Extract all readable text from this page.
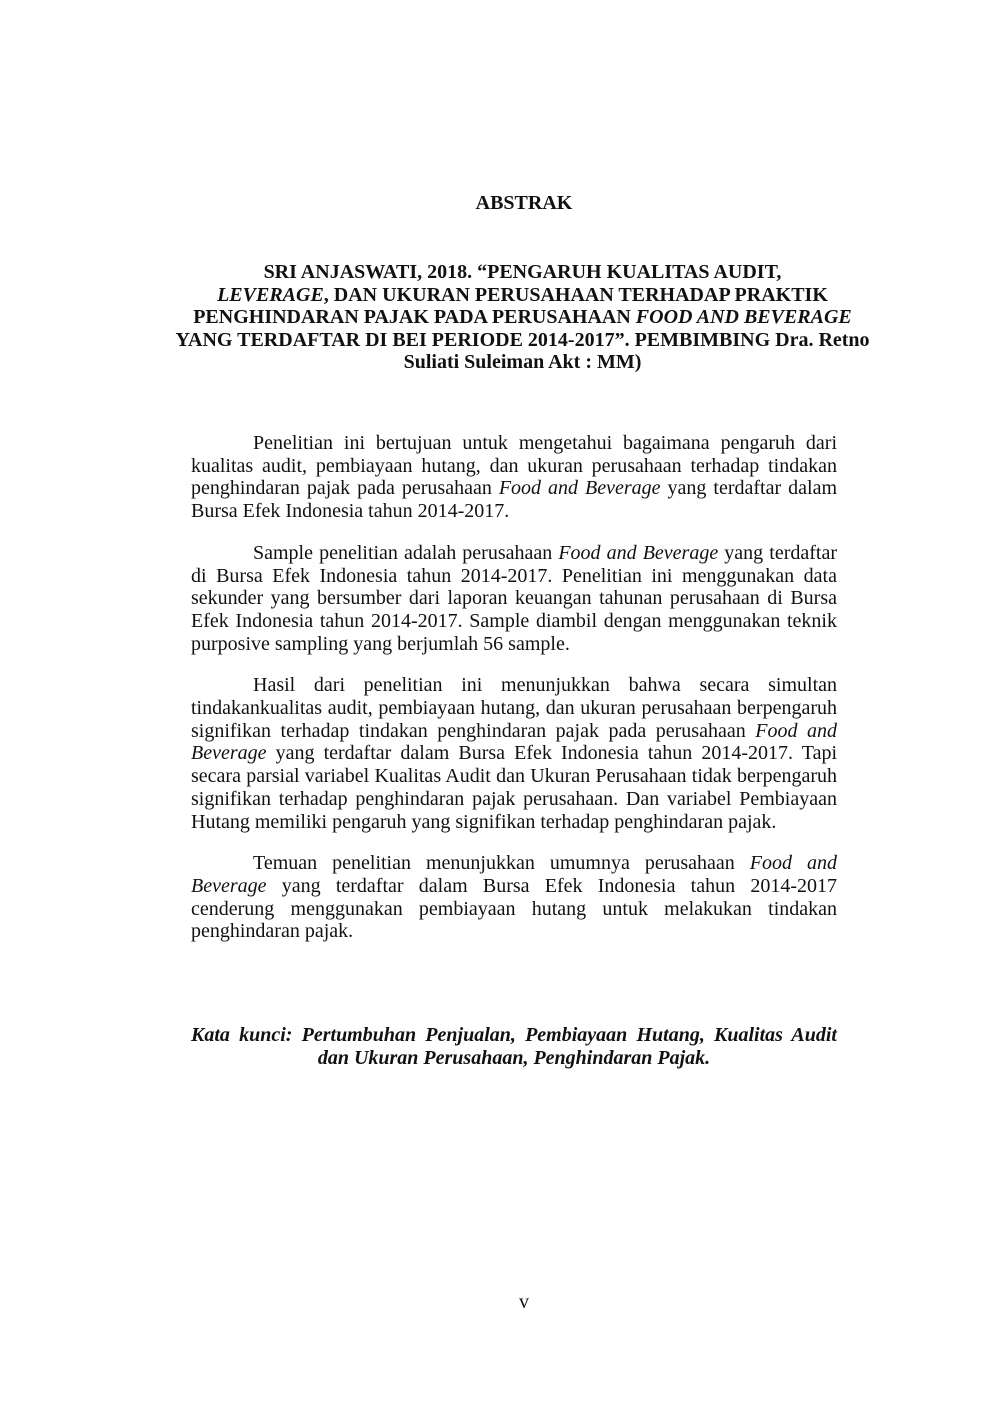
ABSTRAK
SRI ANJASWATI, 2018. “PENGARUH KUALITAS AUDIT,
LEVERAGE, DAN UKURAN PERUSAHAAN TERHADAP PRAKTIK PENGHINDARAN PAJAK PADA PERUSAHAAN FOOD AND BEVERAGE YANG TERDAFTAR DI BEI PERIODE 2014-2017”. PEMBIMBING Dra. Retno Suliati Suleiman Akt : MM)

Penelitian ini bertujuan untuk mengetahui bagaimana pengaruh dari kualitas audit, pembiayaan hutang, dan ukuran perusahaan terhadap tindakan penghindaran pajak pada perusahaan Food and Beverage yang terdaftar dalam Bursa Efek Indonesia tahun 2014-2017.

Sample penelitian adalah perusahaan Food and Beverage yang terdaftar di Bursa Efek Indonesia tahun 2014-2017. Penelitian ini menggunakan data sekunder yang bersumber dari laporan keuangan tahunan perusahaan di Bursa Efek Indonesia tahun 2014-2017. Sample diambil dengan menggunakan teknik purposive sampling yang berjumlah 56 sample.

Hasil dari penelitian ini menunjukkan bahwa secara simultan tindakankualitas audit, pembiayaan hutang, dan ukuran perusahaan berpengaruh signifikan terhadap tindakan penghindaran pajak pada perusahaan Food and Beverage yang terdaftar dalam Bursa Efek Indonesia tahun 2014-2017. Tapi secara parsial variabel Kualitas Audit dan Ukuran Perusahaan tidak berpengaruh signifikan terhadap penghindaran pajak perusahaan. Dan variabel Pembiayaan Hutang memiliki pengaruh yang signifikan terhadap penghindaran pajak.

Temuan penelitian menunjukkan umumnya perusahaan Food and Beverage yang terdaftar dalam Bursa Efek Indonesia tahun 2014-2017 cenderung menggunakan pembiayaan hutang untuk melakukan tindakan penghindaran pajak.

Kata kunci: Pertumbuhan Penjualan, Pembiayaan Hutang, Kualitas Audit dan Ukuran Perusahaan, Penghindaran Pajak.

v
